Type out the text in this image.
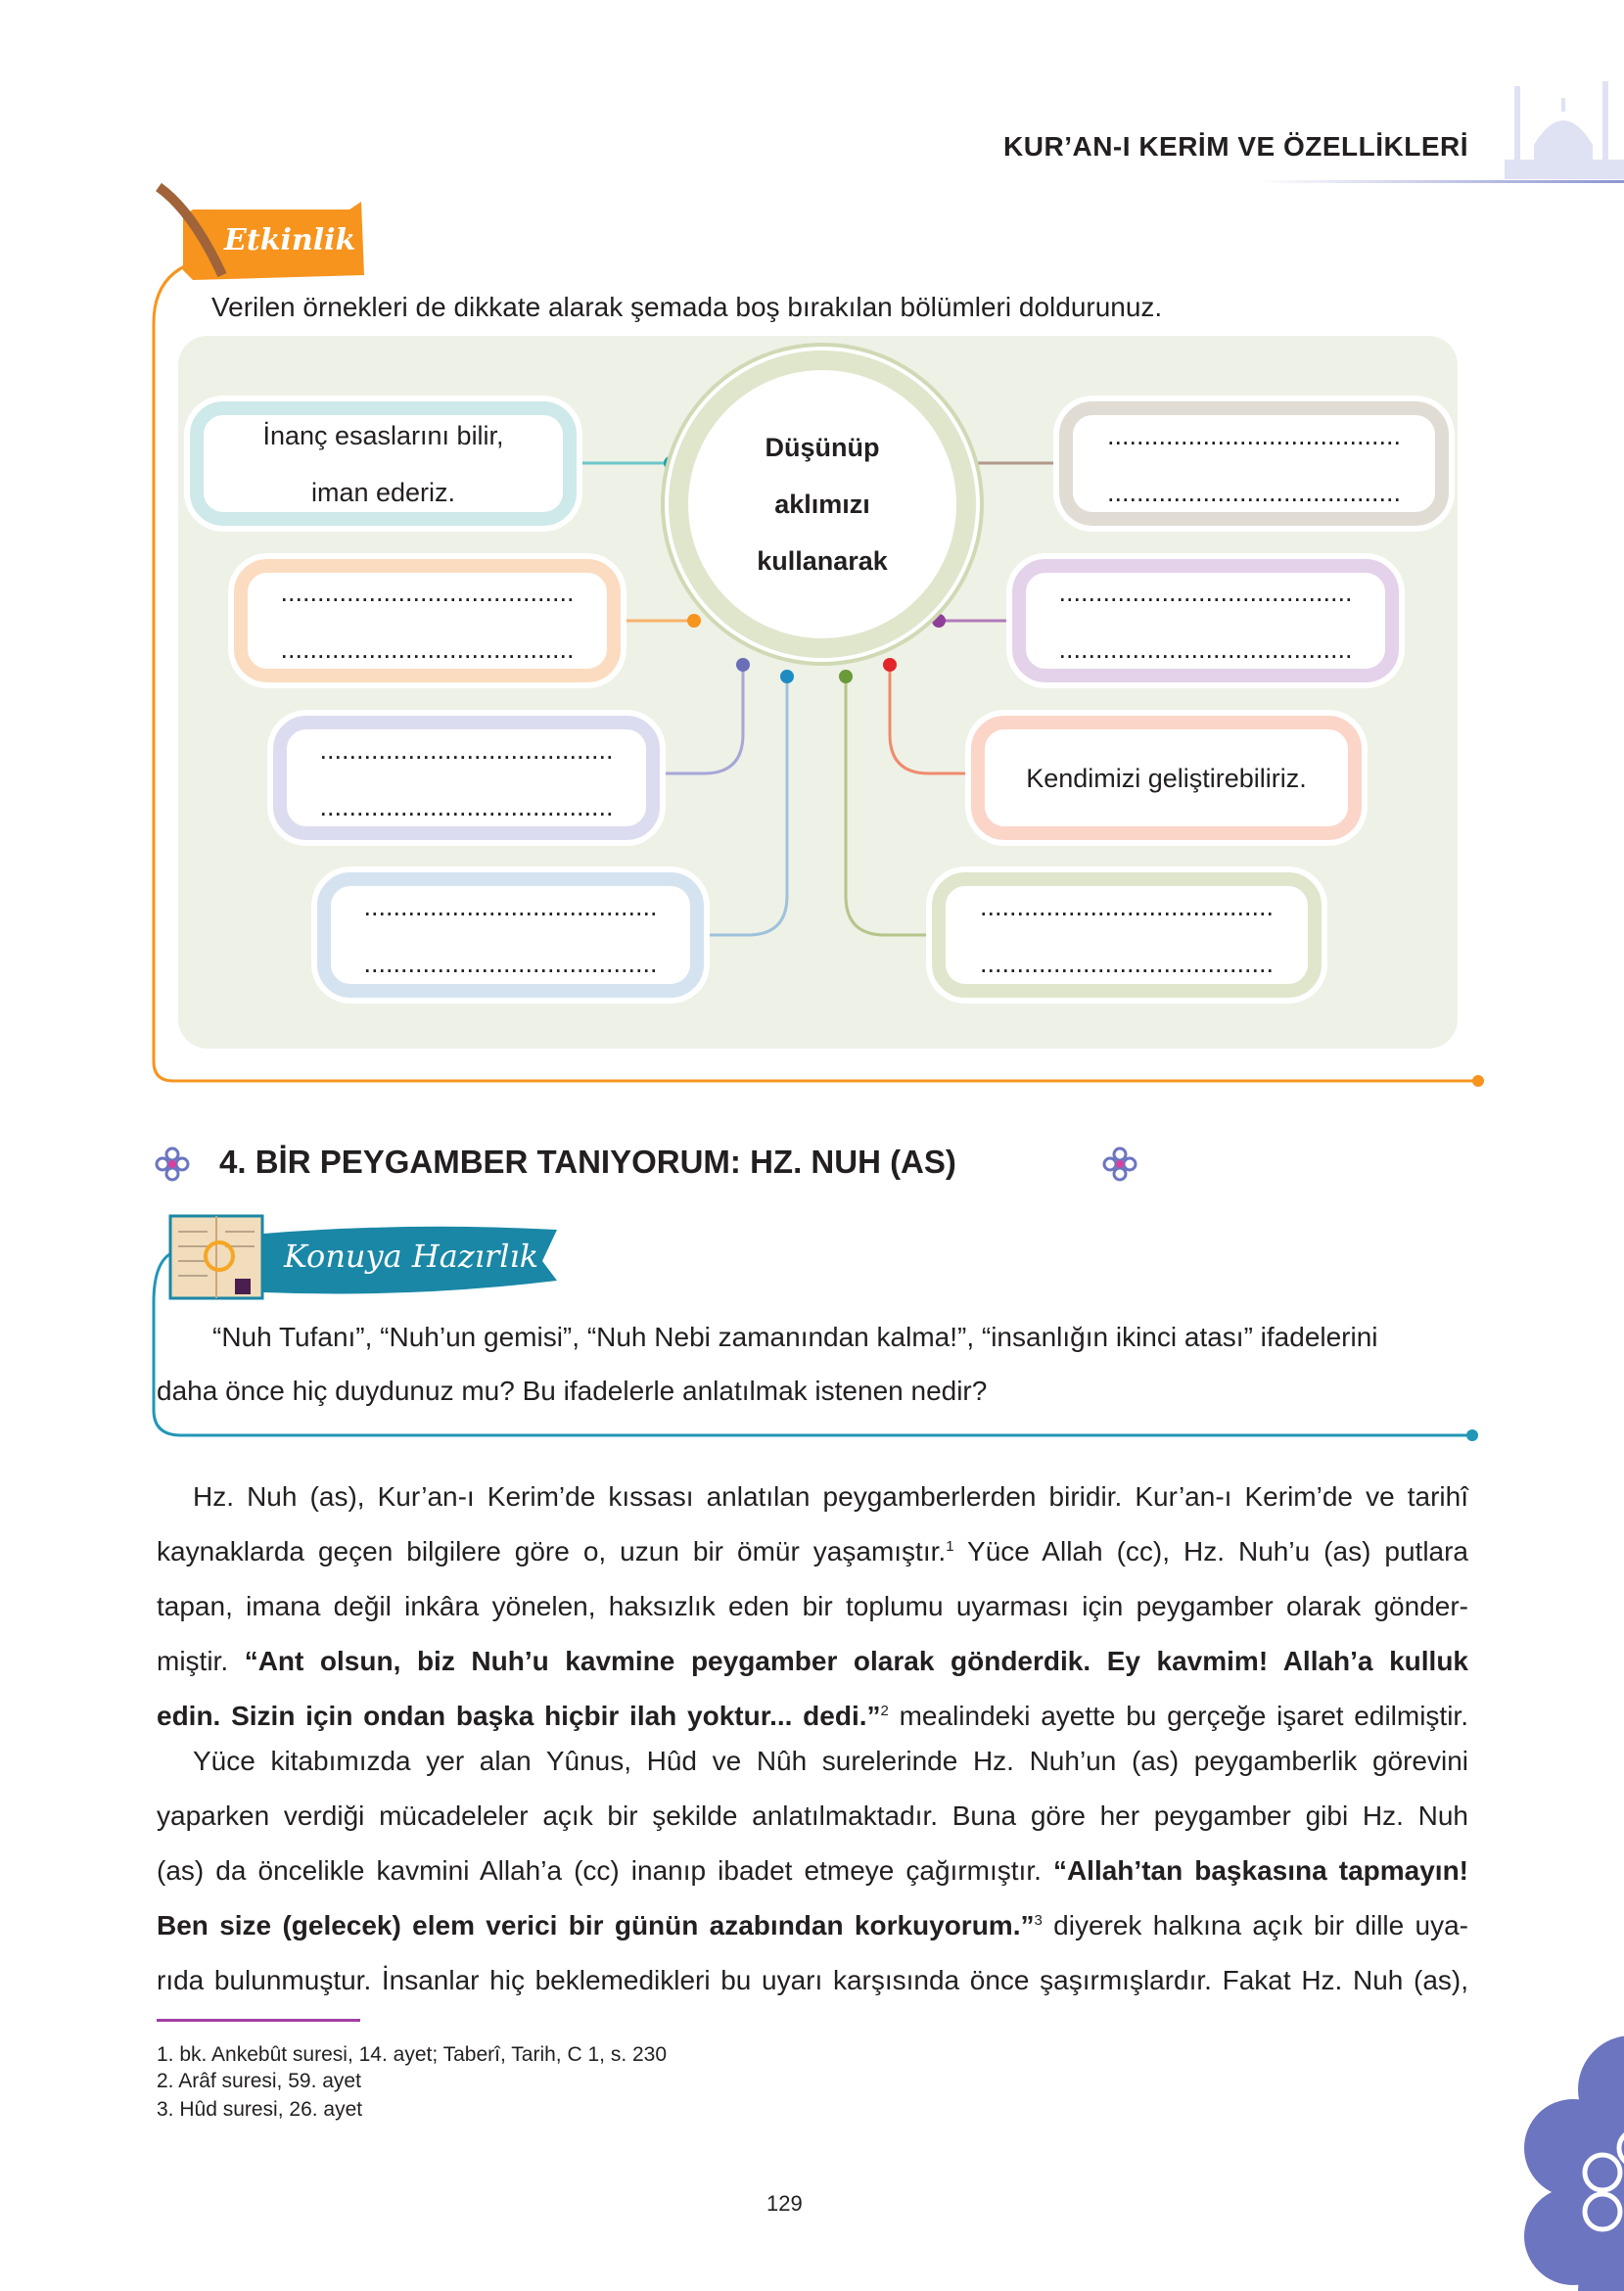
KUR’AN-I KERİM VE ÖZELLİKLERİ
Etkinlik
Verilen örnekleri de dikkate alarak şemada boş bırakılan bölümleri doldurunuz.
Düşünüp
aklımızı
kullanarak
İnanç esaslarını bilir,
iman ederiz.
........................................
........................................
........................................
........................................
........................................
........................................
........................................
........................................
........................................
........................................
Kendimizi geliştirebiliriz.
........................................
........................................
4. BİR PEYGAMBER TANIYORUM: HZ. NUH (AS)
Konuya Hazırlık
“Nuh Tufanı”, “Nuh’un gemisi”, “Nuh Nebi zamanından kalma!”, “insanlığın ikinci atası” ifadelerini
daha önce hiç duydunuz mu? Bu ifadelerle anlatılmak istenen nedir?
Hz. Nuh (as), Kur’an-ı Kerim’de kıssası anlatılan peygamberlerden biridir. Kur’an-ı Kerim’de ve tarihî
kaynaklarda geçen bilgilere göre o, uzun bir ömür yaşamıştır.$^1$ Yüce Allah (cc), Hz. Nuh’u (as) putlara
tapan, imana değil inkâra yönelen, haksızlık eden bir toplumu uyarması için peygamber olarak gönder-
miştir. “Ant olsun, biz Nuh’u kavmine peygamber olarak gönderdik. Ey kavmim! Allah’a kulluk
edin. Sizin için ondan başka hiçbir ilah yoktur... dedi.”$^2$ mealindeki ayette bu gerçeğe işaret edilmiştir.
Yüce kitabımızda yer alan Yûnus, Hûd ve Nûh surelerinde Hz. Nuh’un (as) peygamberlik görevini
yaparken verdiği mücadeleler açık bir şekilde anlatılmaktadır. Buna göre her peygamber gibi Hz. Nuh
(as) da öncelikle kavmini Allah’a (cc) inanıp ibadet etmeye çağırmıştır. “Allah’tan başkasına tapmayın!
Ben size (gelecek) elem verici bir günün azabından korkuyorum.”$^3$ diyerek halkına açık bir dille uya-
rıda bulunmuştur. İnsanlar hiç beklemedikleri bu uyarı karşısında önce şaşırmışlardır. Fakat Hz. Nuh (as),
1. bk. Ankebût suresi, 14. ayet; Taberî, Tarih, C 1, s. 230
2. Arâf suresi, 59. ayet
3. Hûd suresi, 26. ayet
129
